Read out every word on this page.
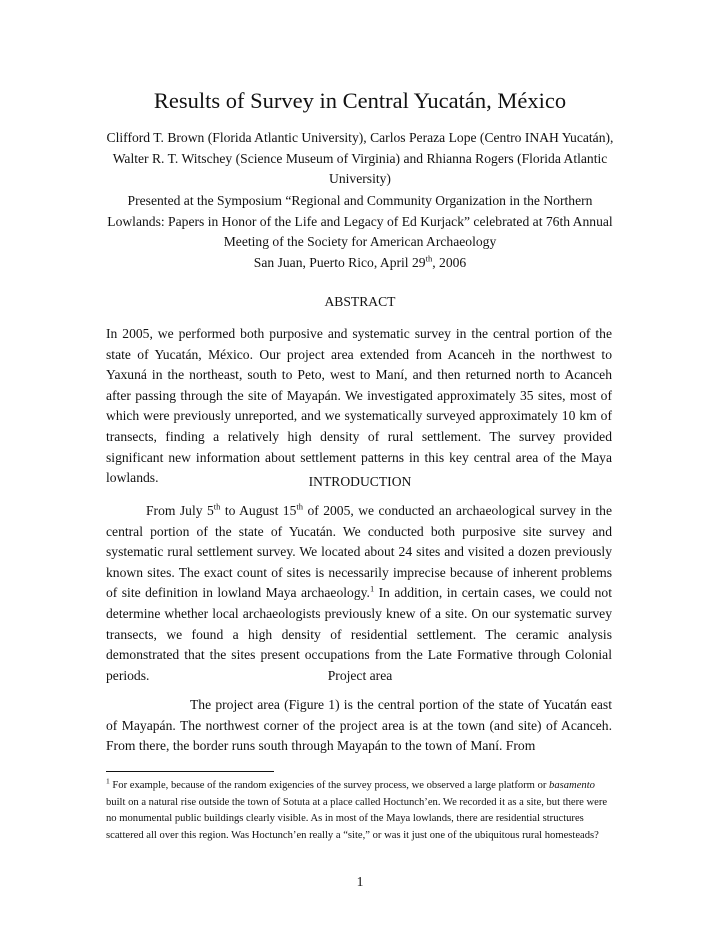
Results of Survey in Central Yucatán, México
Clifford T. Brown (Florida Atlantic University), Carlos Peraza Lope (Centro INAH Yucatán), Walter R. T. Witschey (Science Museum of Virginia) and Rhianna Rogers (Florida Atlantic University)
Presented at the Symposium “Regional and Community Organization in the Northern Lowlands: Papers in Honor of the Life and Legacy of Ed Kurjack” celebrated at 76th Annual Meeting of the Society for American Archaeology
San Juan, Puerto Rico, April 29th, 2006
ABSTRACT
In 2005, we performed both purposive and systematic survey in the central portion of the state of Yucatán, México. Our project area extended from Acanceh in the northwest to Yaxuná in the northeast, south to Peto, west to Maní, and then returned north to Acanceh after passing through the site of Mayapán. We investigated approximately 35 sites, most of which were previously unreported, and we systematically surveyed approximately 10 km of transects, finding a relatively high density of rural settlement. The survey provided significant new information about settlement patterns in this key central area of the Maya lowlands.	INTRODUCTION
From July 5th to August 15th of 2005, we conducted an archaeological survey in the central portion of the state of Yucatán. We conducted both purposive site survey and systematic rural settlement survey. We located about 24 sites and visited a dozen previously known sites. The exact count of sites is necessarily imprecise because of inherent problems of site definition in lowland Maya archaeology.$^1$ In addition, in certain cases, we could not determine whether local archaeologists previously knew of a site. On our systematic survey transects, we found a high density of residential settlement. The ceramic analysis demonstrated that the sites present occupations from the Late Formative through Colonial periods.	Project area
The project area (Figure 1) is the central portion of the state of Yucatán east of Mayapán. The northwest corner of the project area is at the town (and site) of Acanceh. From there, the border runs south through Mayapán to the town of Maní. From
$^1$ For example, because of the random exigencies of the survey process, we observed a large platform or basamento built on a natural rise outside the town of Sotuta at a place called Hoctunch’en. We recorded it as a site, but there were no monumental public buildings clearly visible. As in most of the Maya lowlands, there are residential structures scattered all over this region. Was Hoctunch’en really a “site,” or was it just one of the ubiquitous rural homesteads?
1
